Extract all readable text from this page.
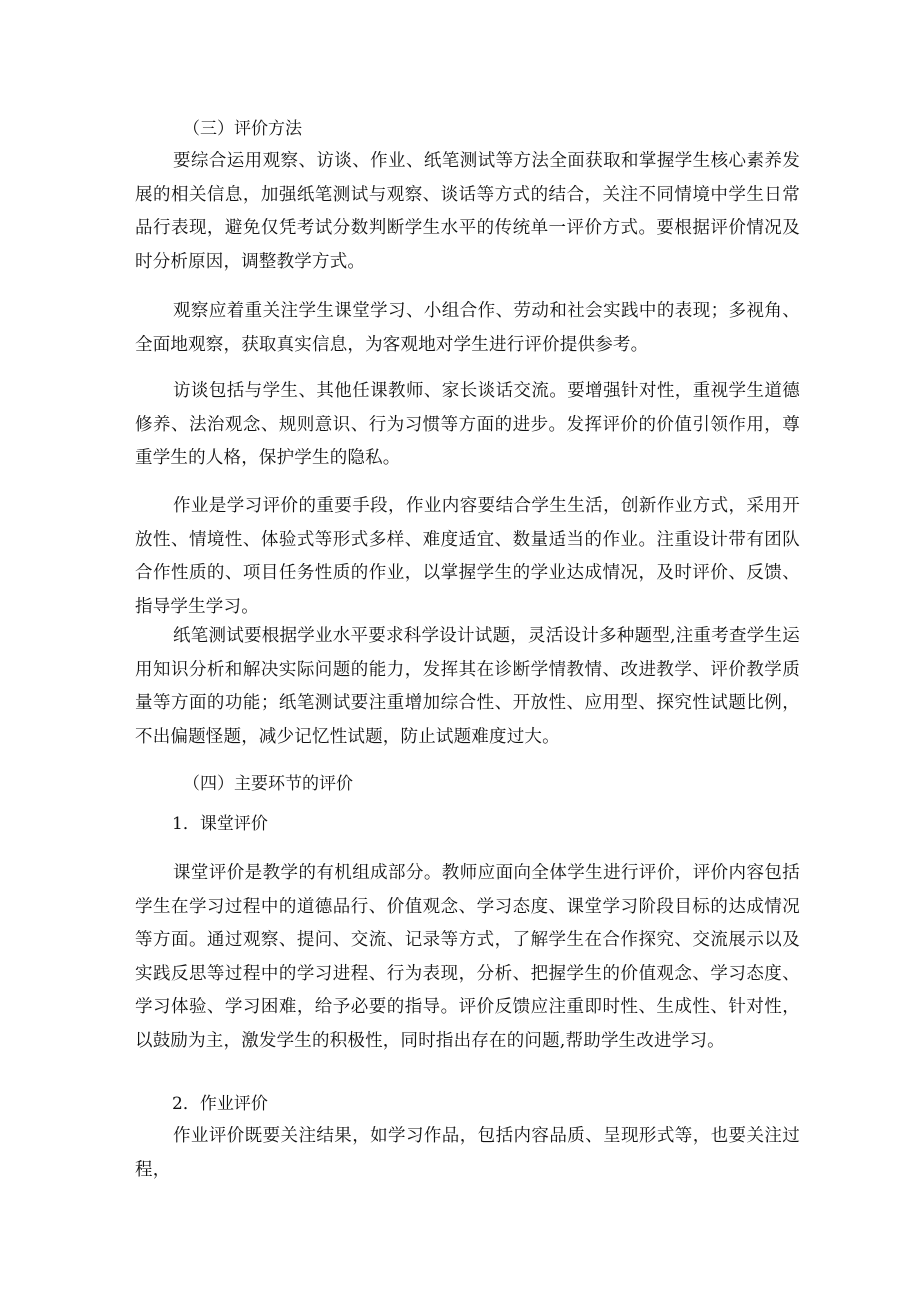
（三）评价方法

要综合运用观察、访谈、作业、纸笔测试等方法全面获取和掌握学生核心素养发展的相关信息，加强纸笔测试与观察、谈话等方式的结合，关注不同情境中学生日常品行表现，避免仅凭考试分数判断学生水平的传统单一评价方式。要根据评价情况及时分析原因，调整教学方式。

观察应着重关注学生课堂学习、小组合作、劳动和社会实践中的表现；多视角、全面地观察，获取真实信息，为客观地对学生进行评价提供参考。

访谈包括与学生、其他任课教师、家长谈话交流。要增强针对性，重视学生道德修养、法治观念、规则意识、行为习惯等方面的进步。发挥评价的价值引领作用，尊重学生的人格，保护学生的隐私。

作业是学习评价的重要手段，作业内容要结合学生生活，创新作业方式，采用开放性、情境性、体验式等形式多样、难度适宜、数量适当的作业。注重设计带有团队合作性质的、项目任务性质的作业，以掌握学生的学业达成情况，及时评价、反馈、指导学生学习。

纸笔测试要根据学业水平要求科学设计试题，灵活设计多种题型,注重考查学生运用知识分析和解决实际问题的能力，发挥其在诊断学情教情、改进教学、评价教学质量等方面的功能；纸笔测试要注重增加综合性、开放性、应用型、探究性试题比例，不出偏题怪题，减少记忆性试题，防止试题难度过大。

（四）主要环节的评价
1．课堂评价

课堂评价是教学的有机组成部分。教师应面向全体学生进行评价，评价内容包括学生在学习过程中的道德品行、价值观念、学习态度、课堂学习阶段目标的达成情况等方面。通过观察、提问、交流、记录等方式，了解学生在合作探究、交流展示以及实践反思等过程中的学习进程、行为表现，分析、把握学生的价值观念、学习态度、学习体验、学习困难，给予必要的指导。评价反馈应注重即时性、生成性、针对性，以鼓励为主，激发学生的积极性，同时指出存在的问题,帮助学生改进学习。

2．作业评价

作业评价既要关注结果，如学习作品，包括内容品质、呈现形式等，也要关注过程，
